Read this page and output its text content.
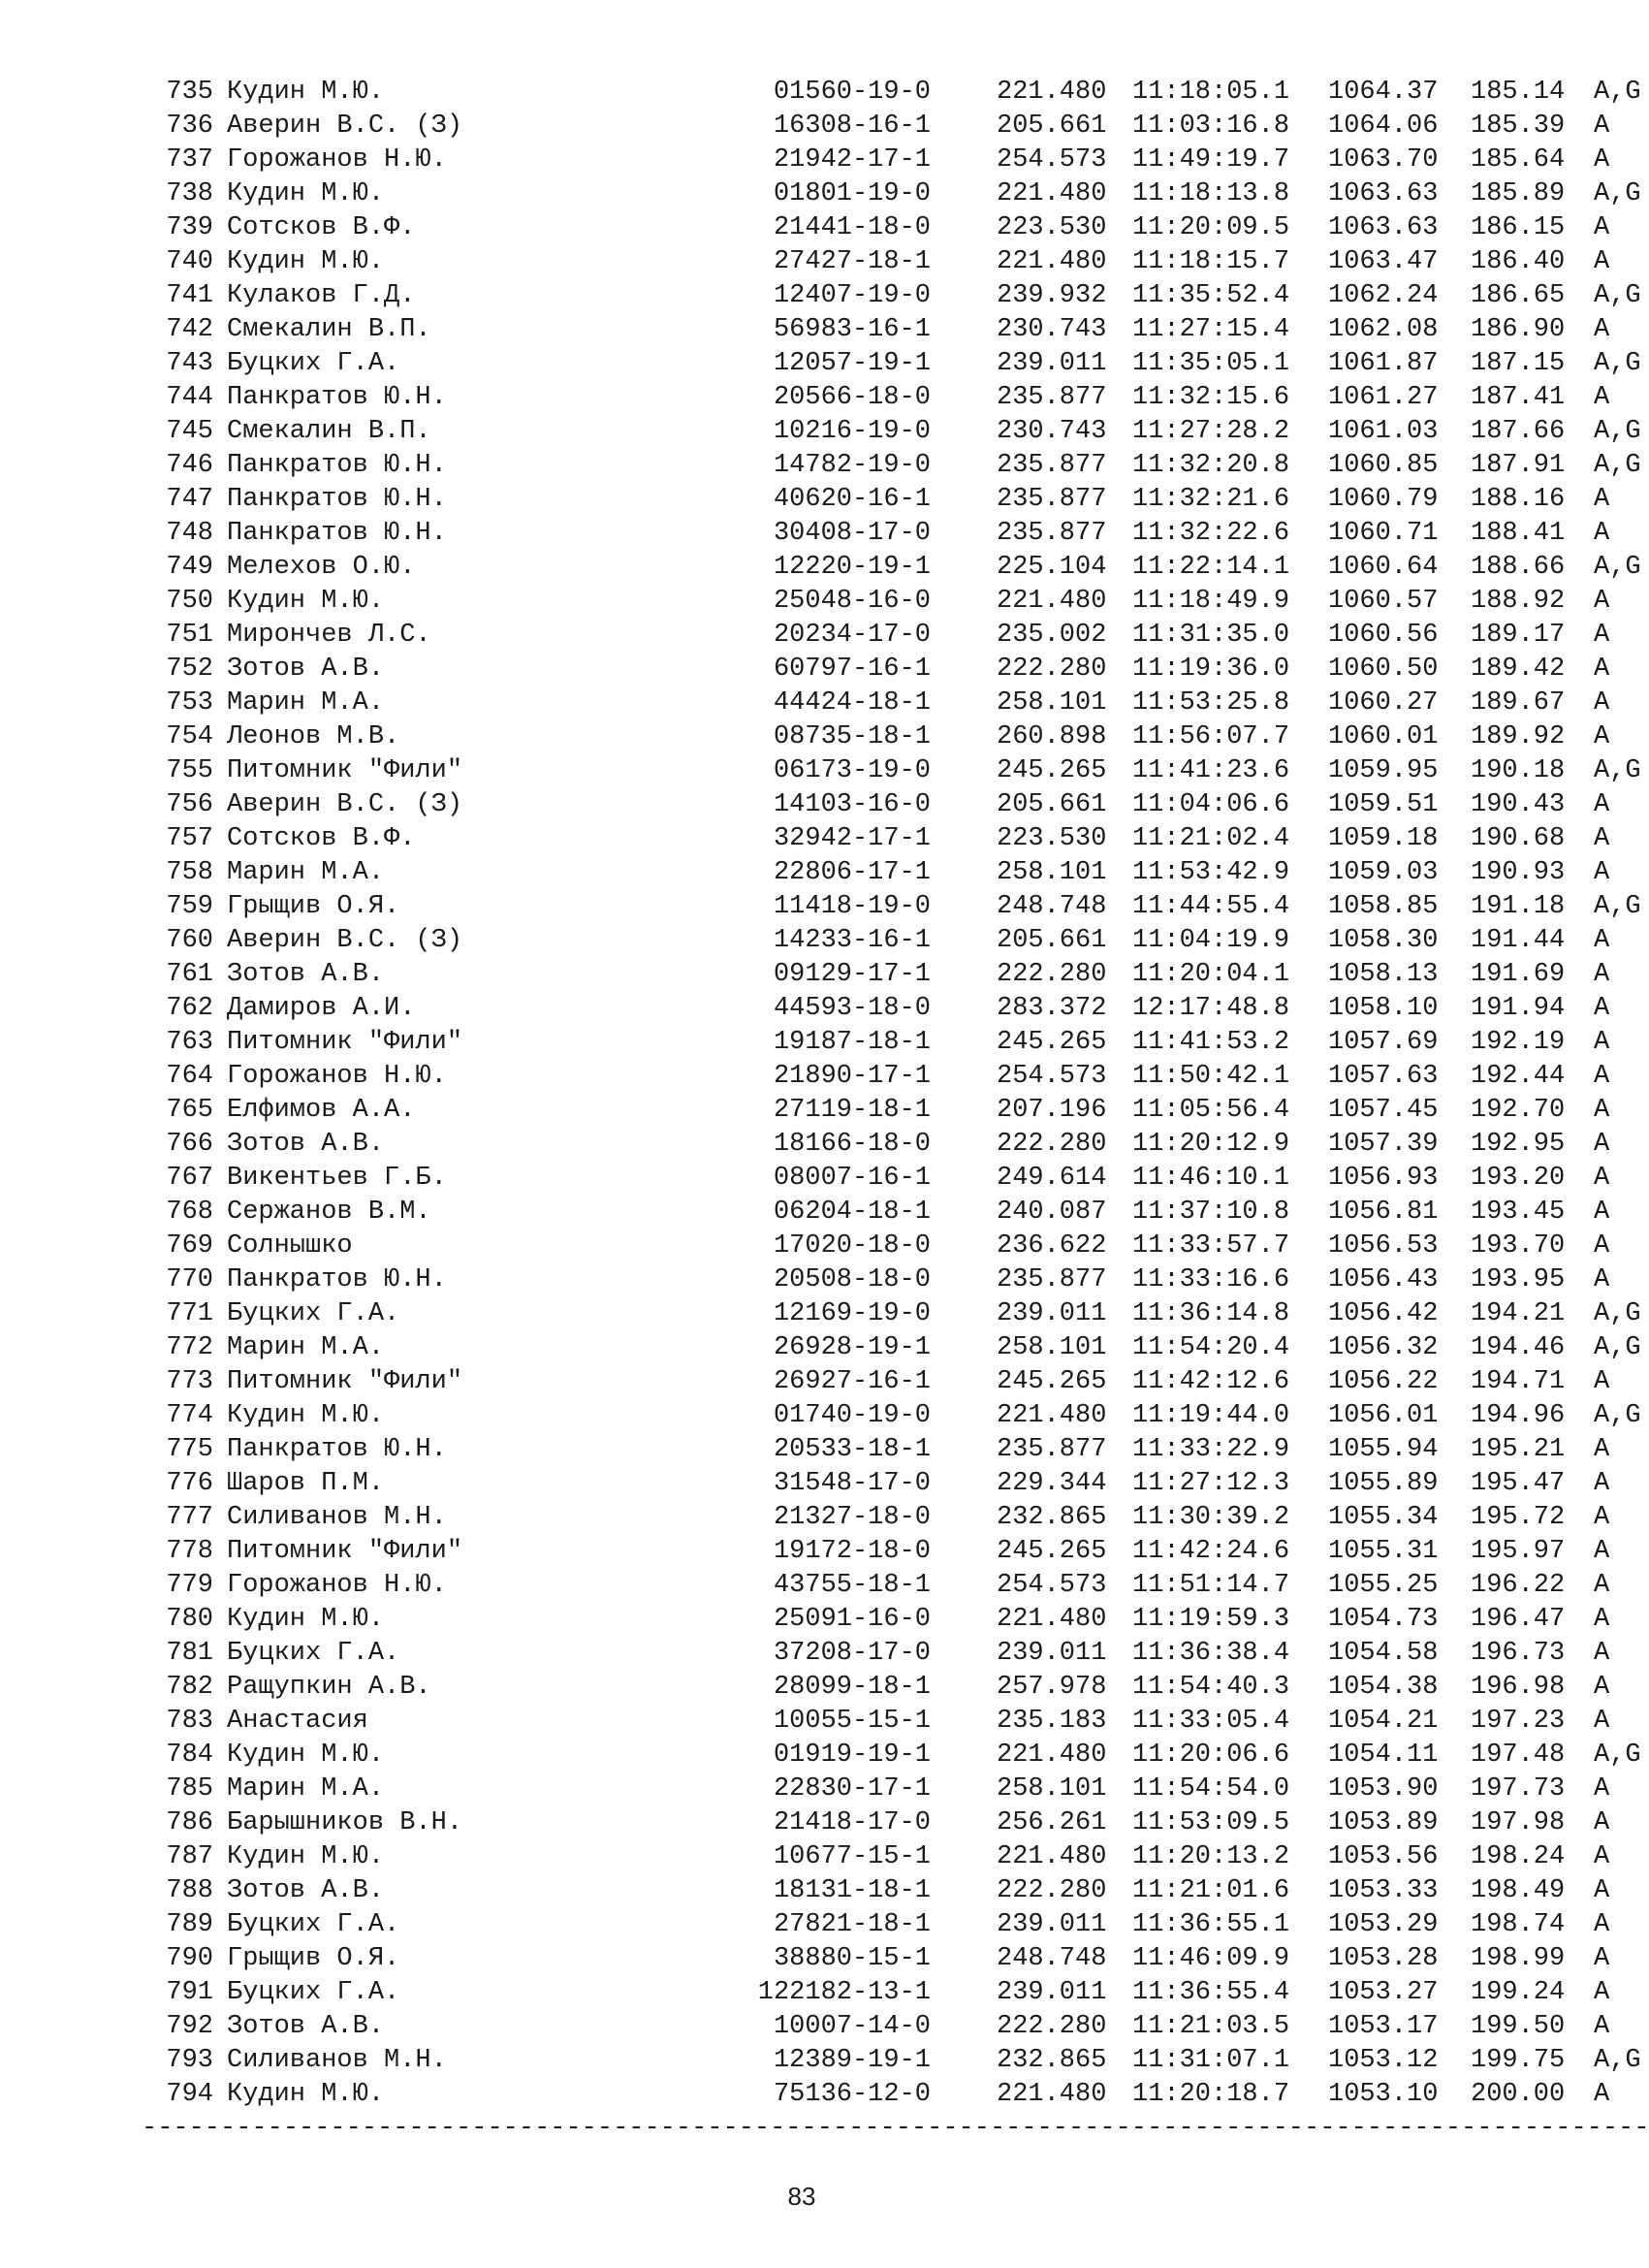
735 Кудин М.Ю.	01560-19-0	221.480 11:18:05.1 1064.37 185.14 A,G
736 Аверин В.С. (З)	16308-16-1	205.661 11:03:16.8 1064.06 185.39 A
737 Горожанов Н.Ю.	21942-17-1	254.573 11:49:19.7 1063.70 185.64 A
738 Кудин М.Ю.	01801-19-0	221.480 11:18:13.8 1063.63 185.89 A,G
739 Сотсков В.Ф.	21441-18-0	223.530 11:20:09.5 1063.63 186.15 A
740 Кудин М.Ю.	27427-18-1	221.480 11:18:15.7 1063.47 186.40 A
741 Кулаков Г.Д.	12407-19-0	239.932 11:35:52.4 1062.24 186.65 A,G
742 Смекалин В.П.	56983-16-1	230.743 11:27:15.4 1062.08 186.90 A
743 Буцких Г.А.	12057-19-1	239.011 11:35:05.1 1061.87 187.15 A,G
744 Панкратов Ю.Н.	20566-18-0	235.877 11:32:15.6 1061.27 187.41 A
745 Смекалин В.П.	10216-19-0	230.743 11:27:28.2 1061.03 187.66 A,G
746 Панкратов Ю.Н.	14782-19-0	235.877 11:32:20.8 1060.85 187.91 A,G
747 Панкратов Ю.Н.	40620-16-1	235.877 11:32:21.6 1060.79 188.16 A
748 Панкратов Ю.Н.	30408-17-0	235.877 11:32:22.6 1060.71 188.41 A
749 Мелехов О.Ю.	12220-19-1	225.104 11:22:14.1 1060.64 188.66 A,G
750 Кудин М.Ю.	25048-16-0	221.480 11:18:49.9 1060.57 188.92 A
751 Мирончев Л.С.	20234-17-0	235.002 11:31:35.0 1060.56 189.17 A
752 Зотов А.В.	60797-16-1	222.280 11:19:36.0 1060.50 189.42 A
753 Марин М.А.	44424-18-1	258.101 11:53:25.8 1060.27 189.67 A
754 Леонов М.В.	08735-18-1	260.898 11:56:07.7 1060.01 189.92 A
755 Питомник "Фили"	06173-19-0	245.265 11:41:23.6 1059.95 190.18 A,G
756 Аверин В.С. (З)	14103-16-0	205.661 11:04:06.6 1059.51 190.43 A
757 Сотсков В.Ф.	32942-17-1	223.530 11:21:02.4 1059.18 190.68 A
758 Марин М.А.	22806-17-1	258.101 11:53:42.9 1059.03 190.93 A
759 Грыщив О.Я.	11418-19-0	248.748 11:44:55.4 1058.85 191.18 A,G
760 Аверин В.С. (З)	14233-16-1	205.661 11:04:19.9 1058.30 191.44 A
761 Зотов А.В.	09129-17-1	222.280 11:20:04.1 1058.13 191.69 A
762 Дамиров А.И.	44593-18-0	283.372 12:17:48.8 1058.10 191.94 A
763 Питомник "Фили"	19187-18-1	245.265 11:41:53.2 1057.69 192.19 A
764 Горожанов Н.Ю.	21890-17-1	254.573 11:50:42.1 1057.63 192.44 A
765 Елфимов А.А.	27119-18-1	207.196 11:05:56.4 1057.45 192.70 A
766 Зотов А.В.	18166-18-0	222.280 11:20:12.9 1057.39 192.95 A
767 Викентьев Г.Б.	08007-16-1	249.614 11:46:10.1 1056.93 193.20 A
768 Сержанов В.М.	06204-18-1	240.087 11:37:10.8 1056.81 193.45 A
769 Солнышко	17020-18-0	236.622 11:33:57.7 1056.53 193.70 A
770 Панкратов Ю.Н.	20508-18-0	235.877 11:33:16.6 1056.43 193.95 A
771 Буцких Г.А.	12169-19-0	239.011 11:36:14.8 1056.42 194.21 A,G
772 Марин М.А.	26928-19-1	258.101 11:54:20.4 1056.32 194.46 A,G
773 Питомник "Фили"	26927-16-1	245.265 11:42:12.6 1056.22 194.71 A
774 Кудин М.Ю.	01740-19-0	221.480 11:19:44.0 1056.01 194.96 A,G
775 Панкратов Ю.Н.	20533-18-1	235.877 11:33:22.9 1055.94 195.21 A
776 Шаров П.М.	31548-17-0	229.344 11:27:12.3 1055.89 195.47 A
777 Силиванов М.Н.	21327-18-0	232.865 11:30:39.2 1055.34 195.72 A
778 Питомник "Фили"	19172-18-0	245.265 11:42:24.6 1055.31 195.97 A
779 Горожанов Н.Ю.	43755-18-1	254.573 11:51:14.7 1055.25 196.22 A
780 Кудин М.Ю.	25091-16-0	221.480 11:19:59.3 1054.73 196.47 A
781 Буцких Г.А.	37208-17-0	239.011 11:36:38.4 1054.58 196.73 A
782 Ращупкин А.В.	28099-18-1	257.978 11:54:40.3 1054.38 196.98 A
783 Анастасия	10055-15-1	235.183 11:33:05.4 1054.21 197.23 A
784 Кудин М.Ю.	01919-19-1	221.480 11:20:06.6 1054.11 197.48 A,G
785 Марин М.А.	22830-17-1	258.101 11:54:54.0 1053.90 197.73 A
786 Барышников В.Н.	21418-17-0	256.261 11:53:09.5 1053.89 197.98 A
787 Кудин М.Ю.	10677-15-1	221.480 11:20:13.2 1053.56 198.24 A
788 Зотов А.В.	18131-18-1	222.280 11:21:01.6 1053.33 198.49 A
789 Буцких Г.А.	27821-18-1	239.011 11:36:55.1 1053.29 198.74 A
790 Грыщив О.Я.	38880-15-1	248.748 11:46:09.9 1053.28 198.99 A
791 Буцких Г.А.	122182-13-1	239.011 11:36:55.4 1053.27 199.24 A
792 Зотов А.В.	10007-14-0	222.280 11:21:03.5 1053.17 199.50 A
793 Силиванов М.Н.	12389-19-1	232.865 11:31:07.1 1053.12 199.75 A,G
794 Кудин М.Ю.	75136-12-0	221.480 11:20:18.7 1053.10 200.00 A
------------------------------------------------------------------------------------------------
83
